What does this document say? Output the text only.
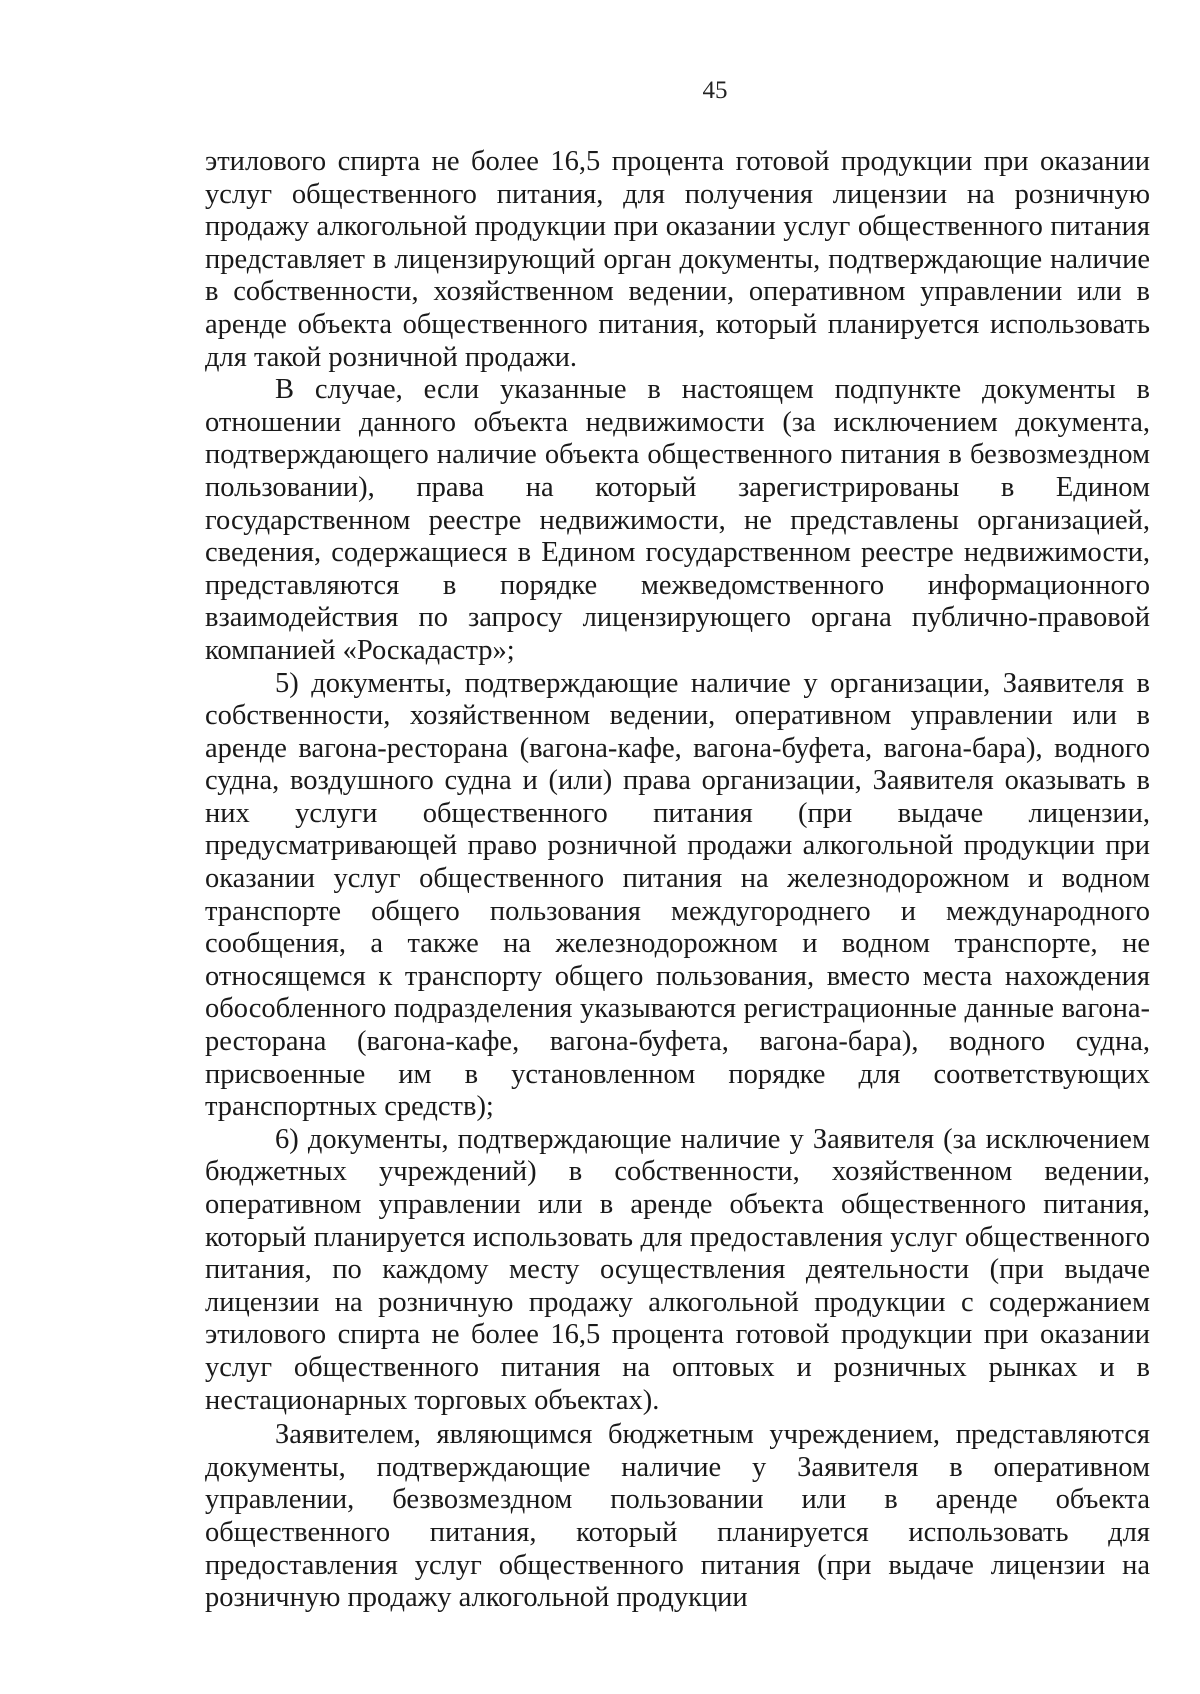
45

этилового спирта не более 16,5 процента готовой продукции при оказании услуг общественного питания, для получения лицензии на розничную продажу алкогольной продукции при оказании услуг общественного питания представляет в лицензирующий орган документы, подтверждающие наличие в собственности, хозяйственном ведении, оперативном управлении или в аренде объекта общественного питания, который планируется использовать для такой розничной продажи.

В случае, если указанные в настоящем подпункте документы в отношении данного объекта недвижимости (за исключением документа, подтверждающего наличие объекта общественного питания в безвозмездном пользовании), права на который зарегистрированы в Едином государственном реестре недвижимости, не представлены организацией, сведения, содержащиеся в Едином государственном реестре недвижимости, представляются в порядке межведомственного информационного взаимодействия по запросу лицензирующего органа публично-правовой компанией «Роскадастр»;

5) документы, подтверждающие наличие у организации, Заявителя в собственности, хозяйственном ведении, оперативном управлении или в аренде вагона-ресторана (вагона-кафе, вагона-буфета, вагона-бара), водного судна, воздушного судна и (или) права организации, Заявителя оказывать в них услуги общественного питания (при выдаче лицензии, предусматривающей право розничной продажи алкогольной продукции при оказании услуг общественного питания на железнодорожном и водном транспорте общего пользования междугороднего и международного сообщения, а также на железнодорожном и водном транспорте, не относящемся к транспорту общего пользования, вместо места нахождения обособленного подразделения указываются регистрационные данные вагона-ресторана (вагона-кафе, вагона-буфета, вагона-бара), водного судна, присвоенные им в установленном порядке для соответствующих транспортных средств);

6) документы, подтверждающие наличие у Заявителя (за исключением бюджетных учреждений) в собственности, хозяйственном ведении, оперативном управлении или в аренде объекта общественного питания, который планируется использовать для предоставления услуг общественного питания, по каждому месту осуществления деятельности (при выдаче лицензии на розничную продажу алкогольной продукции с содержанием этилового спирта не более 16,5 процента готовой продукции при оказании услуг общественного питания на оптовых и розничных рынках и в нестационарных торговых объектах).

Заявителем, являющимся бюджетным учреждением, представляются документы, подтверждающие наличие у Заявителя в оперативном управлении, безвозмездном пользовании или в аренде объекта общественного питания, который планируется использовать для предоставления услуг общественного питания (при выдаче лицензии на розничную продажу алкогольной продукции
